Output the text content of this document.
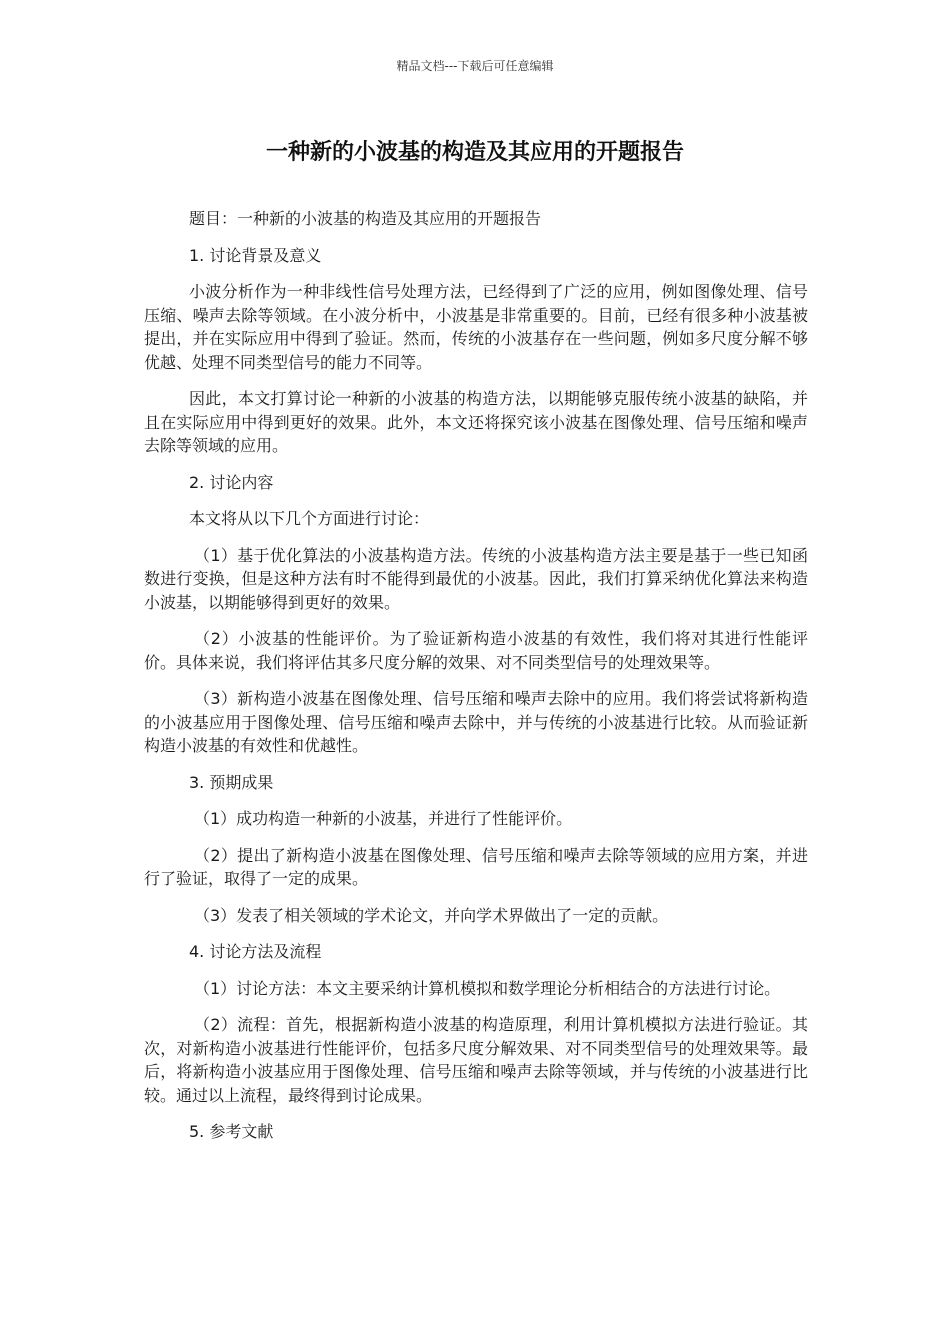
精品文档---下载后可任意编辑
一种新的小波基的构造及其应用的开题报告

题目：一种新的小波基的构造及其应用的开题报告

1. 讨论背景及意义

小波分析作为一种非线性信号处理方法，已经得到了广泛的应用，例如图像处理、信号压缩、噪声去除等领域。在小波分析中，小波基是非常重要的。目前，已经有很多种小波基被提出，并在实际应用中得到了验证。然而，传统的小波基存在一些问题，例如多尺度分解不够优越、处理不同类型信号的能力不同等。

因此，本文打算讨论一种新的小波基的构造方法，以期能够克服传统小波基的缺陷，并且在实际应用中得到更好的效果。此外，本文还将探究该小波基在图像处理、信号压缩和噪声去除等领域的应用。

2. 讨论内容

本文将从以下几个方面进行讨论：

（1）基于优化算法的小波基构造方法。传统的小波基构造方法主要是基于一些已知函数进行变换，但是这种方法有时不能得到最优的小波基。因此，我们打算采纳优化算法来构造小波基，以期能够得到更好的效果。

（2）小波基的性能评价。为了验证新构造小波基的有效性，我们将对其进行性能评价。具体来说，我们将评估其多尺度分解的效果、对不同类型信号的处理效果等。

（3）新构造小波基在图像处理、信号压缩和噪声去除中的应用。我们将尝试将新构造的小波基应用于图像处理、信号压缩和噪声去除中，并与传统的小波基进行比较。从而验证新构造小波基的有效性和优越性。

3. 预期成果

（1）成功构造一种新的小波基，并进行了性能评价。

（2）提出了新构造小波基在图像处理、信号压缩和噪声去除等领域的应用方案，并进行了验证，取得了一定的成果。

（3）发表了相关领域的学术论文，并向学术界做出了一定的贡献。

4. 讨论方法及流程

（1）讨论方法：本文主要采纳计算机模拟和数学理论分析相结合的方法进行讨论。

（2）流程：首先，根据新构造小波基的构造原理，利用计算机模拟方法进行验证。其次，对新构造小波基进行性能评价，包括多尺度分解效果、对不同类型信号的处理效果等。最后，将新构造小波基应用于图像处理、信号压缩和噪声去除等领域，并与传统的小波基进行比较。通过以上流程，最终得到讨论成果。

5. 参考文献
